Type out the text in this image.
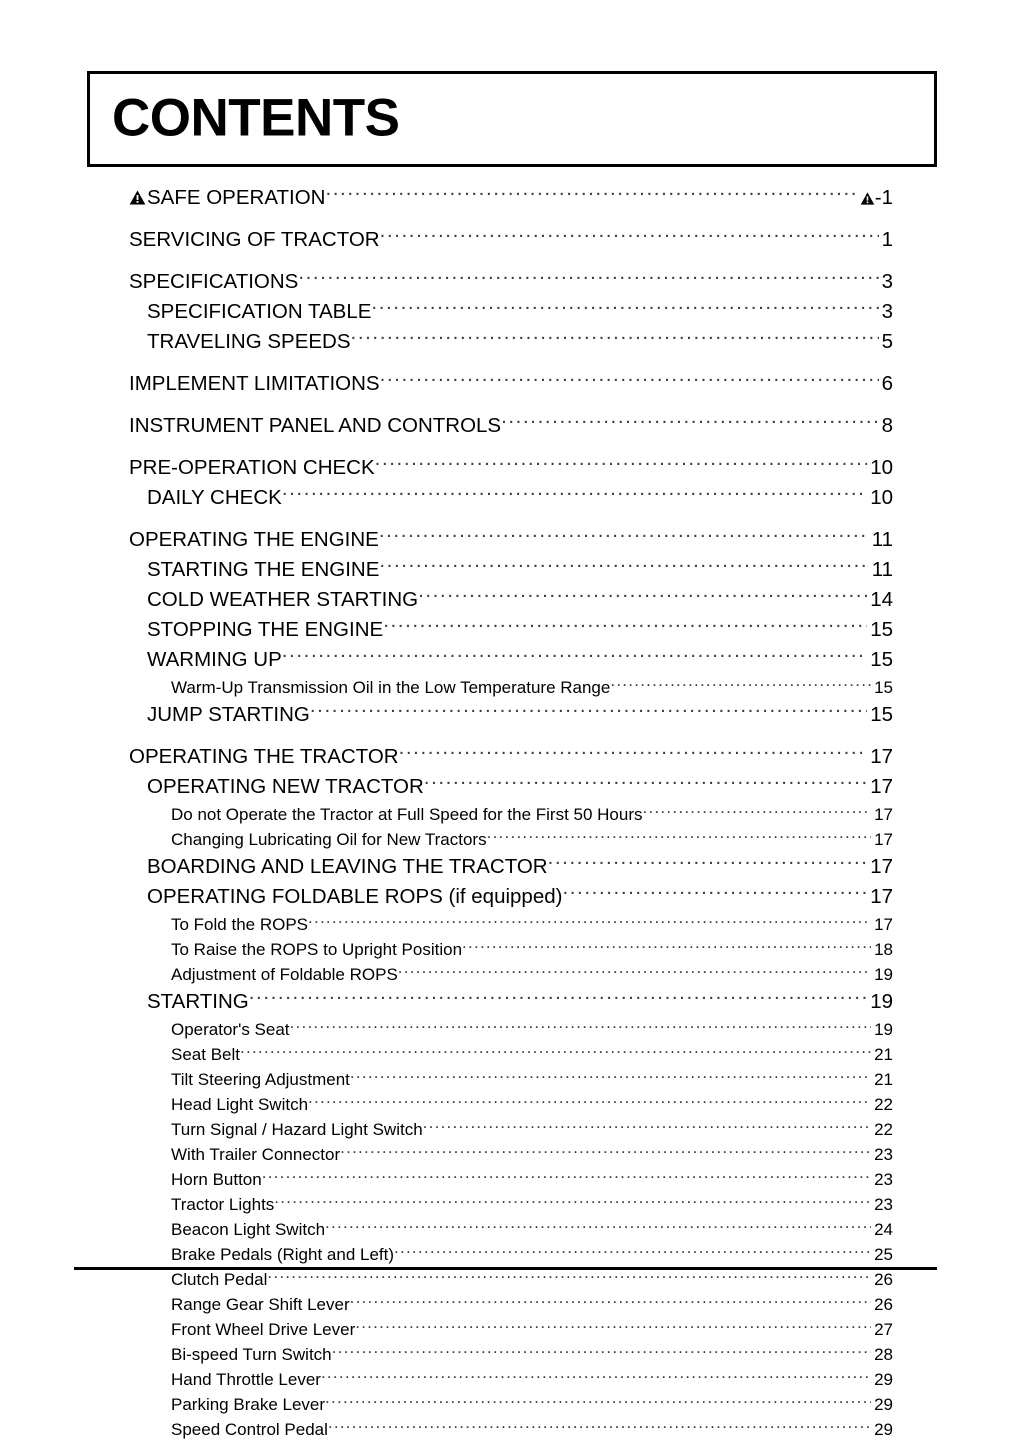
CONTENTS
SAFE OPERATION .....	-1
SERVICING OF TRACTOR .....	1
SPECIFICATIONS .....	3
SPECIFICATION TABLE .....	3
TRAVELING SPEEDS .....	5
IMPLEMENT LIMITATIONS .....	6
INSTRUMENT PANEL AND CONTROLS .....	8
PRE-OPERATION CHECK .....	10
DAILY CHECK .....	10
OPERATING THE ENGINE .....	11
STARTING THE ENGINE .....	11
COLD WEATHER STARTING .....	14
STOPPING THE ENGINE .....	15
WARMING UP .....	15
Warm-Up Transmission Oil in the Low Temperature Range .....	15
JUMP STARTING .....	15
OPERATING THE TRACTOR .....	17
OPERATING NEW TRACTOR .....	17
Do not Operate the Tractor at Full Speed for the First 50 Hours .....	17
Changing Lubricating Oil for New Tractors .....	17
BOARDING AND LEAVING THE TRACTOR .....	17
OPERATING FOLDABLE ROPS (if equipped) .....	17
To Fold the ROPS .....	17
To Raise the ROPS to Upright Position .....	18
Adjustment of Foldable ROPS .....	19
STARTING .....	19
Operator's Seat .....	19
Seat Belt .....	21
Tilt Steering Adjustment .....	21
Head Light Switch .....	22
Turn Signal / Hazard Light Switch .....	22
With Trailer Connector .....	23
Horn Button .....	23
Tractor Lights .....	23
Beacon Light Switch .....	24
Brake Pedals (Right and Left) .....	25
Clutch Pedal .....	26
Range Gear Shift Lever .....	26
Front Wheel Drive Lever .....	27
Bi-speed Turn Switch .....	28
Hand Throttle Lever .....	29
Parking Brake Lever .....	29
Speed Control Pedal .....	29
